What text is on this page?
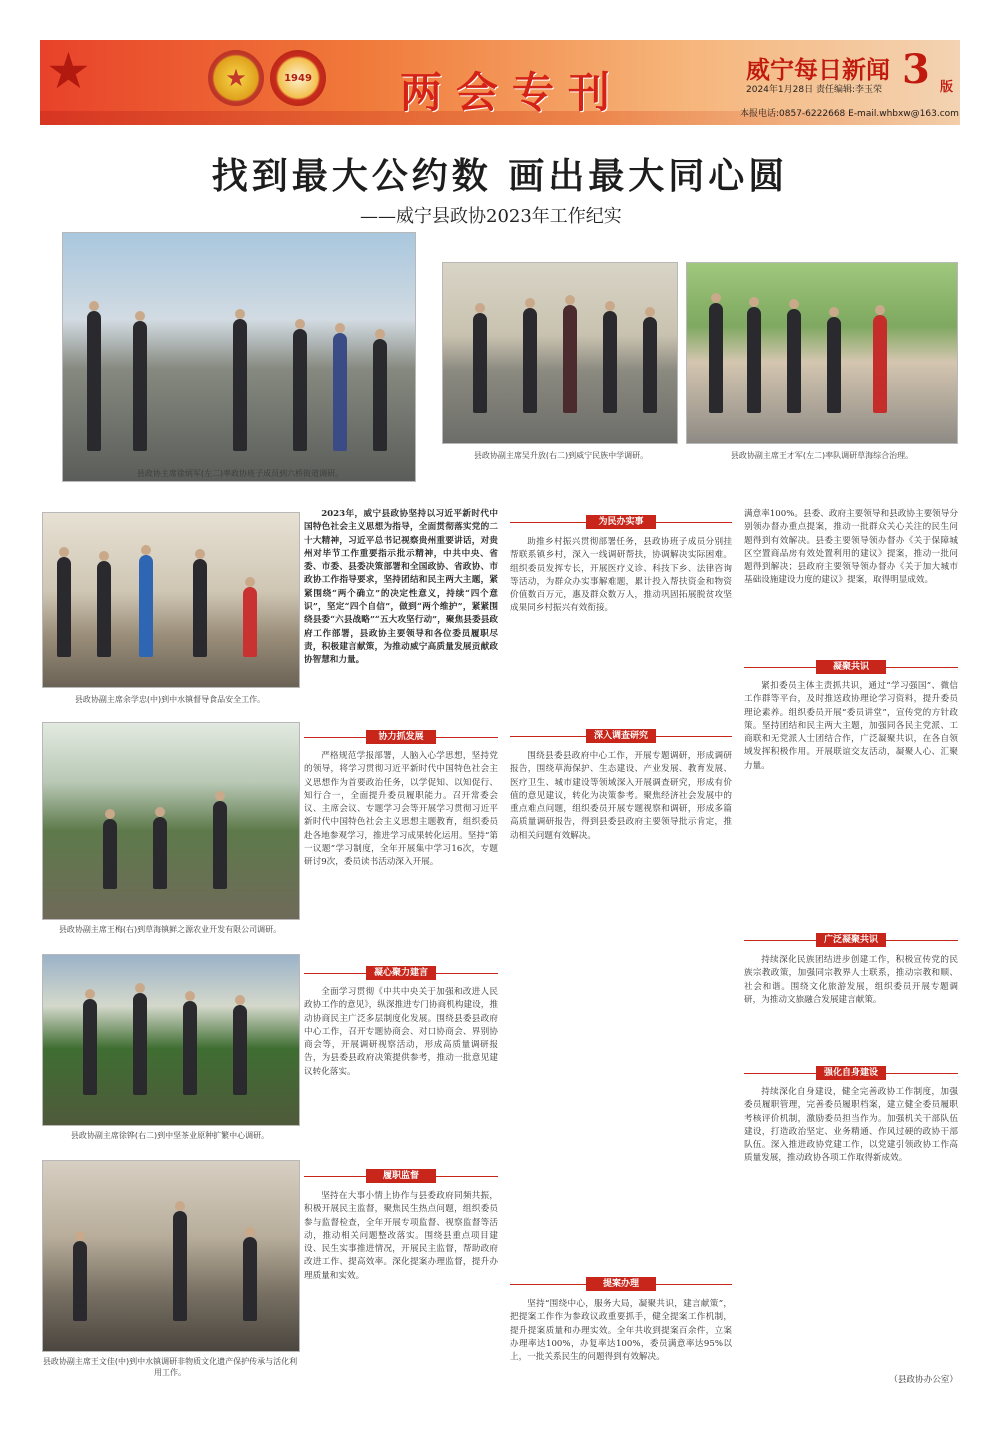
★	★	1949 两会专刊	威宁每日新闻 3 版
2024年1月28日 责任编辑:李玉荣
本报电话:0857-6222668 E-mail.whbxw@163.com
找到最大公约数 画出最大同心圆
——威宁县政协2023年工作纪实
县政协主席徐炳军(左二)率政协班子成员到六桥街道调研。
县政协副主席吴升放(右二)到威宁民族中学调研。	县政协副主席王才军(左二)率队调研草海综合治理。
县政协副主席余学忠(中)到中水镇督导食品安全工作。
县政协副主席王梅(右)到草海镇鲜之源农业开发有限公司调研。
县政协副主席徐铧(右二)到中坚茶业原种扩繁中心调研。
县政协副主席王文佳(中)到中水镇调研非物质文化遗产保护传承与活化利用工作。
2023年，威宁县政协坚持以习近平新时代中国特色社会主义思想为指导，全面贯彻落实党的二十大精神，习近平总书记视察贵州重要讲话，对贵州对毕节工作重要指示批示精神，中共中央、省委、市委、县委决策部署和全国政协、省政协、市政协工作指导要求，坚持团结和民主两大主题，紧紧围绕“两个确立”的决定性意义，持续“四个意识”，坚定“四个自信”，做到“两个维护”，紧紧围绕县委“六县战略”“五大攻坚行动”，聚焦县委县政府工作部署，县政协主要领导和各位委员履职尽责，积极建言献策，为推动威宁高质量发展贡献政协智慧和力量。
协力抓发展
严格规范学报部署，人脑入心学思想，坚持党的领导，将学习贯彻习近平新时代中国特色社会主义思想作为首要政治任务，以学促知、以知促行、知行合一，全面提升委员履职能力。召开常委会议、主席会议、专题学习会等开展学习贯彻习近平新时代中国特色社会主义思想主题教育，组织委员赴各地参观学习，推进学习成果转化运用。坚持“第一议题”学习制度，全年开展集中学习16次，专题研讨9次，委员读书活动深入开展。
凝心聚力建言
全面学习贯彻《中共中央关于加强和改进人民政协工作的意见》，纵深推进专门协商机构建设，推动协商民主广泛多层制度化发展。围绕县委县政府中心工作，召开专题协商会、对口协商会、界别协商会等，开展调研视察活动，形成高质量调研报告，为县委县政府决策提供参考，推动一批意见建议转化落实。
履职监督
坚持在大事小情上协作与县委政府同频共振，积极开展民主监督，聚焦民生热点问题，组织委员参与监督检查，全年开展专项监督、视察监督等活动，推动相关问题整改落实。围绕县重点项目建设、民生实事推进情况，开展民主监督，帮助政府改进工作、提高效率。深化提案办理监督，提升办理质量和实效。
为民办实事
助推乡村振兴贯彻部署任务，县政协班子成员分别挂帮联系镇乡村，深入一线调研帮扶，协调解决实际困难。组织委员发挥专长，开展医疗义诊、科技下乡、法律咨询等活动，为群众办实事解难题，累计投入帮扶资金和物资价值数百万元，惠及群众数万人，推动巩固拓展脱贫攻坚成果同乡村振兴有效衔接。
深入调查研究
围绕县委县政府中心工作，开展专题调研，形成调研报告，围绕草海保护、生态建设、产业发展、教育发展、医疗卫生、城市建设等领域深入开展调查研究，形成有价值的意见建议，转化为决策参考。聚焦经济社会发展中的重点难点问题，组织委员开展专题视察和调研，形成多篇高质量调研报告，得到县委县政府主要领导批示肯定，推动相关问题有效解决。
提案办理
坚持“围绕中心，服务大局，凝聚共识，建言献策”，把提案工作作为参政议政重要抓手，健全提案工作机制，提升提案质量和办理实效。全年共收到提案百余件，立案办理率达100%，办复率达100%，委员满意率达95%以上，一批关系民生的问题得到有效解决。
满意率100%。县委、政府主要领导和县政协主要领导分别领办督办重点提案，推动一批群众关心关注的民生问题得到有效解决。县委主要领导领办督办《关于保障城区空置商品房有效处置利用的建议》提案，推动一批问题得到解决；县政府主要领导领办督办《关于加大城市基础设施建设力度的建议》提案，取得明显成效。
凝聚共识
紧扣委员主体主责抓共识，通过“学习强国”、微信工作群等平台，及时推送政协理论学习资料，提升委员理论素养。组织委员开展“委员讲堂”，宣传党的方针政策。坚持团结和民主两大主题，加强同各民主党派、工商联和无党派人士团结合作，广泛凝聚共识，在各自领域发挥积极作用。开展联谊交友活动，凝聚人心、汇聚力量。
广泛凝聚共识
持续深化民族团结进步创建工作，积极宣传党的民族宗教政策，加强同宗教界人士联系，推动宗教和顺、社会和谐。围绕文化旅游发展，组织委员开展专题调研，为推动文旅融合发展建言献策。
强化自身建设
持续深化自身建设，健全完善政协工作制度，加强委员履职管理，完善委员履职档案，建立健全委员履职考核评价机制，激励委员担当作为。加强机关干部队伍建设，打造政治坚定、业务精通、作风过硬的政协干部队伍。深入推进政协党建工作，以党建引领政协工作高质量发展，推动政协各项工作取得新成效。
（县政协办公室）
